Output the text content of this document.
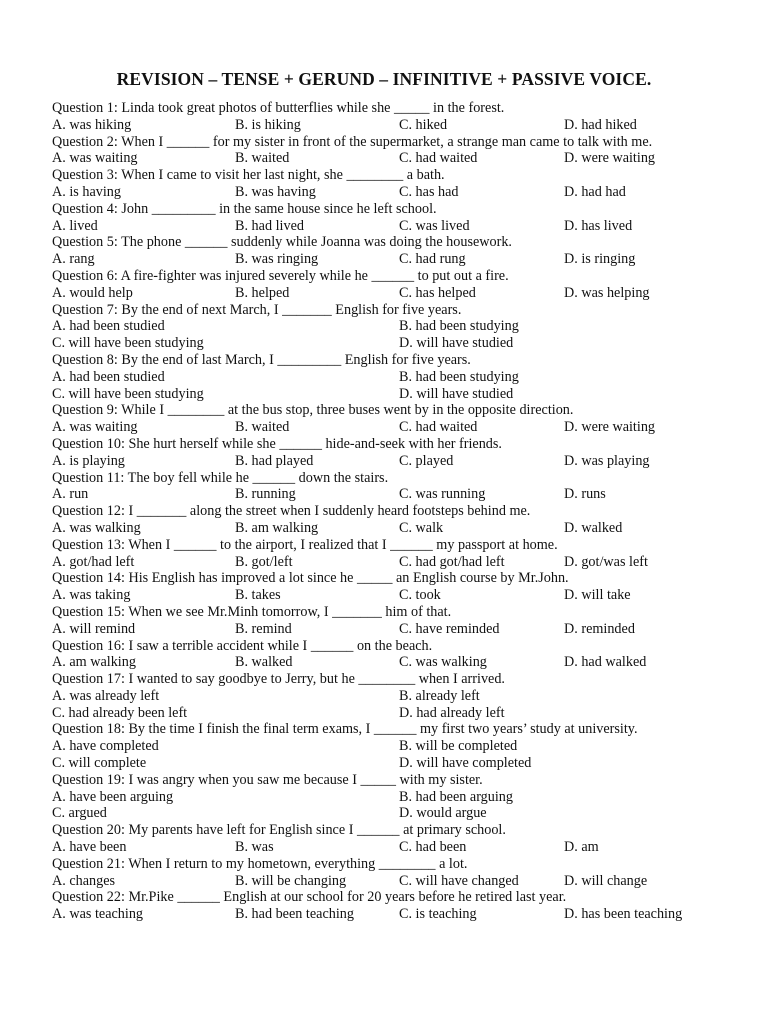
REVISION – TENSE + GERUND – INFINITIVE + PASSIVE VOICE.
Question 1: Linda took great photos of butterflies while she _____ in the forest.
A. was hiking	B. is hiking	C. hiked	D. had hiked
Question 2: When I ______ for my sister in front of the supermarket, a strange man came to talk with me.
A. was waiting	B. waited	C. had waited	D. were waiting
Question 3: When I came to visit her last night, she ________ a bath.
A. is having	B. was having	C. has had	D. had had
Question 4: John _________ in the same house since he left school.
A. lived	B. had lived	C. was lived	D. has lived
Question 5: The phone ______ suddenly while Joanna was doing the housework.
A. rang	B. was ringing	C. had rung	D. is ringing
Question 6: A fire-fighter was injured severely while he ______ to put out a fire.
A. would help	B. helped	C. has helped	D. was helping
Question 7: By the end of next March, I _______ English for five years.
A. had been studied	B. had been studying
C. will have been studying	D. will have studied
Question 8: By the end of last March, I _________ English for five years.
A. had been studied	B. had been studying
C. will have been studying	D. will have studied
Question 9: While I ________ at the bus stop, three buses went by in the opposite direction.
A. was waiting	B. waited	C. had waited	D. were waiting
Question 10: She hurt herself while she ______ hide-and-seek with her friends.
A. is playing	B. had played	C. played	D. was playing
Question 11: The boy fell while he ______ down the stairs.
A. run	B. running	C. was running	D. runs
Question 12: I _______ along the street when I suddenly heard footsteps behind me.
A. was walking	B. am walking	C. walk	D. walked
Question 13: When I ______ to the airport, I realized that I ______ my passport at home.
A. got/had left	B. got/left	C. had got/had left	D. got/was left
Question 14: His English has improved a lot since he _____ an English course by Mr.John.
A. was taking	B. takes	C. took	D. will take
Question 15: When we see Mr.Minh tomorrow, I _______ him of that.
A. will remind	B. remind	C. have reminded	D. reminded
Question 16: I saw a terrible accident while I ______ on the beach.
A. am walking	B. walked	C. was walking	D. had walked
Question 17: I wanted to say goodbye to Jerry, but he ________ when I arrived.
A. was already left	B. already left
C. had already been left	D. had already left
Question 18: By the time I finish the final term exams, I ______ my first two years’ study at university.
A. have completed	B. will be completed
C. will complete	D. will have completed
Question 19: I was angry when you saw me because I _____ with my sister.
A. have been arguing	B. had been arguing
C. argued	D. would argue
Question 20: My parents have left for English since I ______ at primary school.
A. have been	B. was	C. had been	D. am
Question 21: When I return to my hometown, everything ________ a lot.
A. changes	B. will be changing	C. will have changed	D. will change
Question 22: Mr.Pike ______ English at our school for 20 years before he retired last year.
A. was teaching	B. had been teaching	C. is teaching	D. has been teaching
